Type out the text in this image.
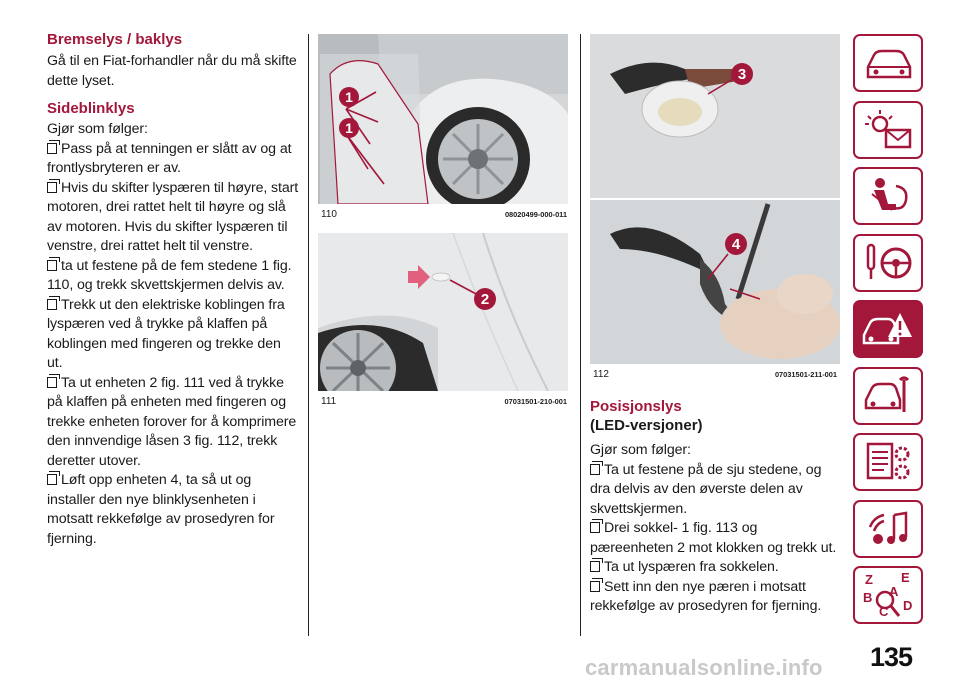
Bremselys / baklys
Gå til en Fiat-forhandler når du må skifte dette lyset.
Sideblinklys
Gjør som følger:
Pass på at tenningen er slått av og at frontlysbryteren er av.
Hvis du skifter lyspæren til høyre, start motoren, drei rattet helt til høyre og slå av motoren. Hvis du skifter lyspæren til venstre, drei rattet helt til venstre.
ta ut festene på de fem stedene 1 fig. 110, og trekk skvettskjermen delvis av.
Trekk ut den elektriske koblingen fra lyspæren ved å trykke på klaffen på koblingen med fingeren og trekke den ut.
Ta ut enheten 2 fig. 111 ved å trykke på klaffen på enheten med fingeren og trekke enheten forover for å komprimere den innvendige låsen 3 fig. 112, trekk deretter utover.
Løft opp enheten 4, ta så ut og installer den nye blinklysenheten i motsatt rekkefølge av prosedyren for fjerning.
1
1
110	08020499-000-011
2
111	07031501-210-001
3
4
112	07031501-211-001
Posisjonslys
(LED-versjoner)
Gjør som følger:
Ta ut festene på de sju stedene, og dra delvis av den øverste delen av skvettskjermen.
Drei sokkel- 1 fig. 113 og pæreenheten 2 mot klokken og trekk ut.
Ta ut lyspæren fra sokkelen.
Sett inn den nye pæren i motsatt rekkefølge av prosedyren for fjerning.
Z E
A
B
C D
135
carmanualsonline.info
